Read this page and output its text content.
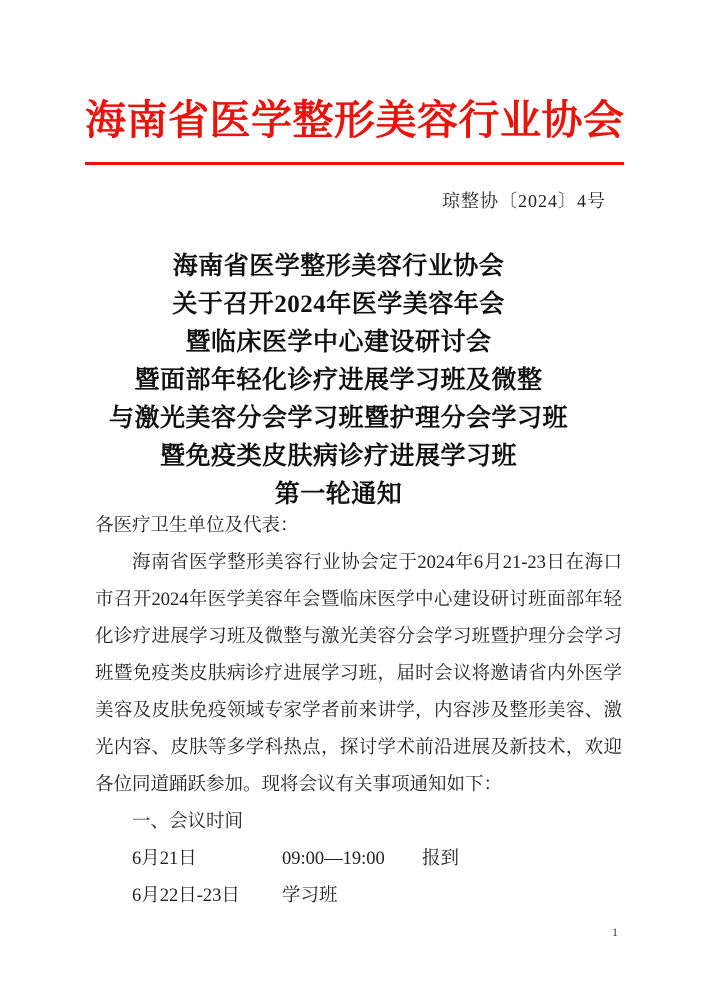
海南省医学整形美容行业协会
琼整协〔2024〕4号

海南省医学整形美容行业协会

关于召开2024年医学美容年会

暨临床医学中心建设研讨会

暨面部年轻化诊疗进展学习班及微整

与激光美容分会学习班暨护理分会学习班

暨免疫类皮肤病诊疗进展学习班

第一轮通知

各医疗卫生单位及代表：

海南省医学整形美容行业协会定于2024年6月21-23日在海口市召开2024年医学美容年会暨临床医学中心建设研讨班面部年轻化诊疗进展学习班及微整与激光美容分会学习班暨护理分会学习班暨免疫类皮肤病诊疗进展学习班，届时会议将邀请省内外医学美容及皮肤免疫领域专家学者前来讲学，内容涉及整形美容、激光内容、皮肤等多学科热点，探讨学术前沿进展及新技术，欢迎各位同道踊跃参加。现将会议有关事项通知如下：

一、会议时间

6月21日	09:00—19:00	报到
6月22日-23日	学习班
1
